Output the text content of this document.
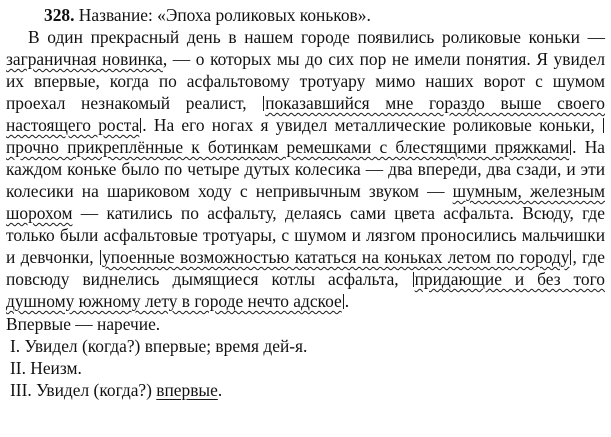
328. Название: «Эпоха роликовых коньков».
В один прекрасный день в нашем городе появились роликовые коньки — заграничная новинка, — о которых мы до сих пор не имели понятия. Я увидел их впервые, когда по асфальтовому тротуару мимо наших ворот с шумом проехал незнакомый реалист, показавшийся мне гораздо выше своего настоящего роста . На его ногах я увидел металлические роликовые коньки, прочно прикреплённые к ботинкам ремешками с блестящими пряжками . На каждом коньке было по четыре дутых колесика — два впереди, два сзади, и эти колесики на шариковом ходу с непривычным звуком — шумным, железным шорохом — катились по асфальту, делаясь сами цвета асфальта. Всюду, где только были асфальтовые тротуары, с шумом и лязгом проносились мальчишки и девчонки, упоенные возможностью кататься на коньках летом по городу , где повсюду виднелись дымящиеся котлы асфальта, придающие и без того душному южному лету в городе нечто адское .
Впервые — наречие.
I. Увидел (когда?) впервые; время дей-я.
II. Неизм.
III. Увидел (когда?) впервые.
